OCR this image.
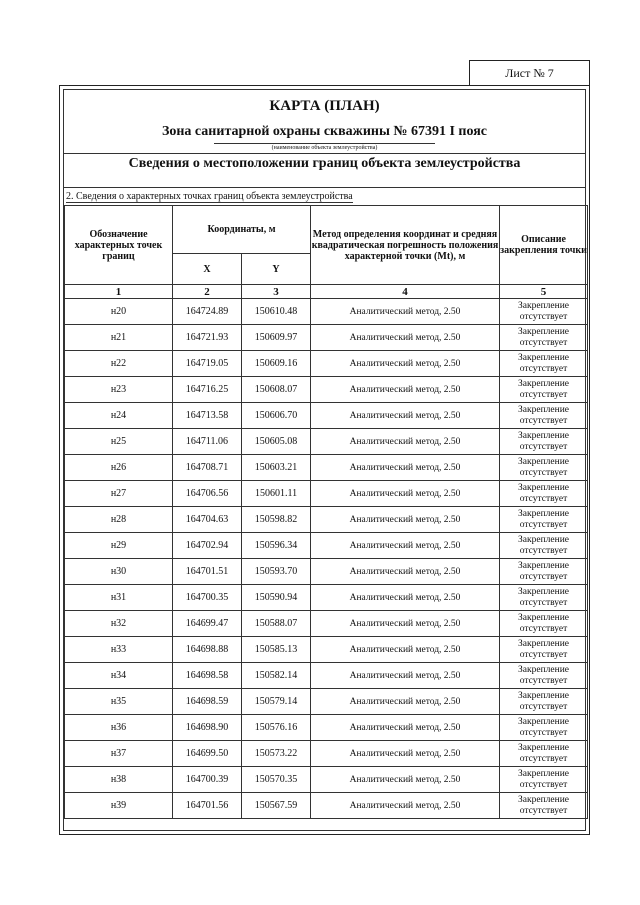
Лист № 7
КАРТА (ПЛАН)
Зона санитарной охраны скважины № 67391 I пояс
(наименование объекта землеустройства)
Сведения о местоположении границ объекта землеустройства
2. Сведения о характерных точках границ объекта землеустройства
Обозначение характерных точек границ	Координаты, м		Метод определения координат и средняя квадратическая погрешность положения характерной точки (Mt), м	Описание закрепления точки
	X	Y		
1	2	3	4	5
н20	164724.89	150610.48	Аналитический метод, 2.50	Закрепление отсутствует
н21	164721.93	150609.97	Аналитический метод, 2.50	Закрепление отсутствует
н22	164719.05	150609.16	Аналитический метод, 2.50	Закрепление отсутствует
н23	164716.25	150608.07	Аналитический метод, 2.50	Закрепление отсутствует
н24	164713.58	150606.70	Аналитический метод, 2.50	Закрепление отсутствует
н25	164711.06	150605.08	Аналитический метод, 2.50	Закрепление отсутствует
н26	164708.71	150603.21	Аналитический метод, 2.50	Закрепление отсутствует
н27	164706.56	150601.11	Аналитический метод, 2.50	Закрепление отсутствует
н28	164704.63	150598.82	Аналитический метод, 2.50	Закрепление отсутствует
н29	164702.94	150596.34	Аналитический метод, 2.50	Закрепление отсутствует
н30	164701.51	150593.70	Аналитический метод, 2.50	Закрепление отсутствует
н31	164700.35	150590.94	Аналитический метод, 2.50	Закрепление отсутствует
н32	164699.47	150588.07	Аналитический метод, 2.50	Закрепление отсутствует
н33	164698.88	150585.13	Аналитический метод, 2.50	Закрепление отсутствует
н34	164698.58	150582.14	Аналитический метод, 2.50	Закрепление отсутствует
н35	164698.59	150579.14	Аналитический метод, 2.50	Закрепление отсутствует
н36	164698.90	150576.16	Аналитический метод, 2.50	Закрепление отсутствует
н37	164699.50	150573.22	Аналитический метод, 2.50	Закрепление отсутствует
н38	164700.39	150570.35	Аналитический метод, 2.50	Закрепление отсутствует
н39	164701.56	150567.59	Аналитический метод, 2.50	Закрепление отсутствует
